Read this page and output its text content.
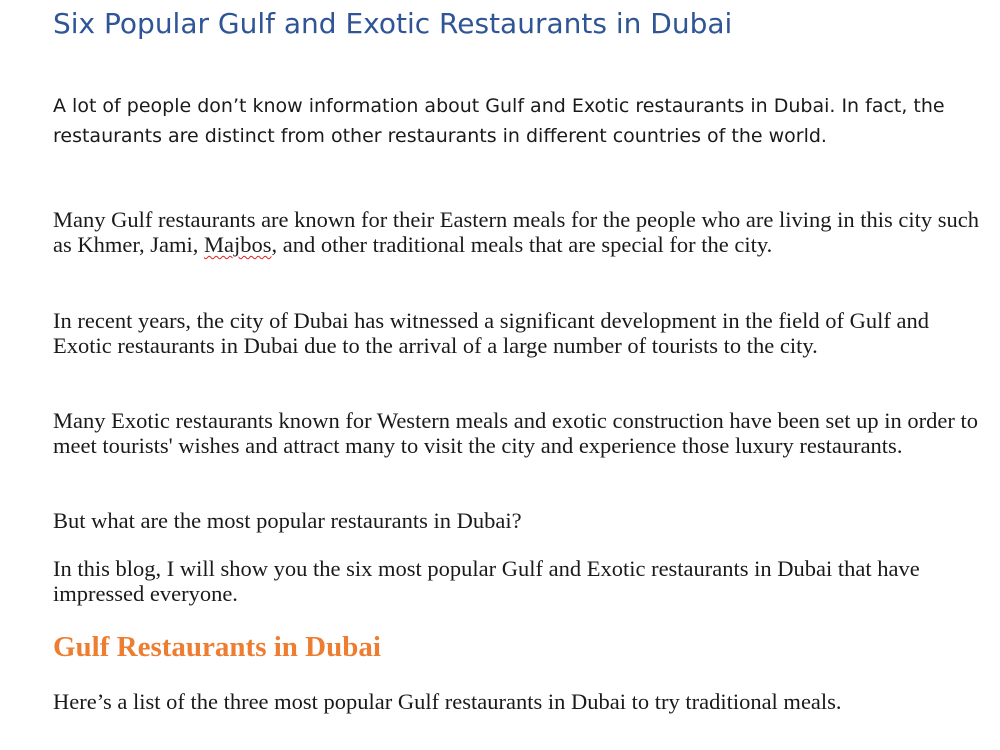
Six Popular Gulf and Exotic Restaurants in Dubai

A lot of people don’t know information about Gulf and Exotic restaurants in Dubai. In fact, the restaurants are distinct from other restaurants in different countries of the world.

Many Gulf restaurants are known for their Eastern meals for the people who are living in this city such as Khmer, Jami, Majbos, and other traditional meals that are special for the city.

In recent years, the city of Dubai has witnessed a significant development in the field of Gulf and Exotic restaurants in Dubai due to the arrival of a large number of tourists to the city.

Many Exotic restaurants known for Western meals and exotic construction have been set up in order to meet tourists' wishes and attract many to visit the city and experience those luxury restaurants.

But what are the most popular restaurants in Dubai?

In this blog, I will show you the six most popular Gulf and Exotic restaurants in Dubai that have impressed everyone.

Gulf Restaurants in Dubai

Here’s a list of the three most popular Gulf restaurants in Dubai to try traditional meals.
